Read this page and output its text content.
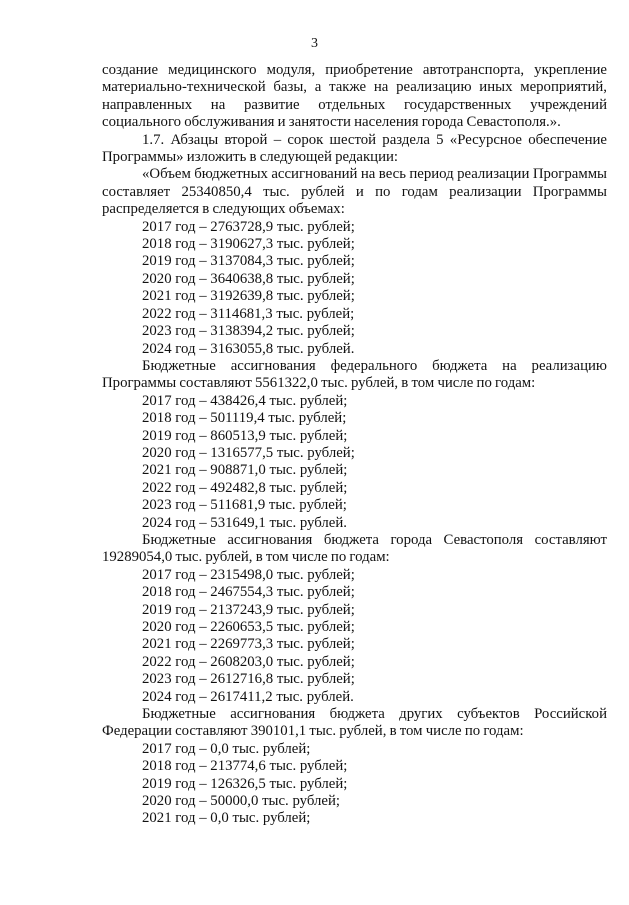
3

создание медицинского модуля, приобретение автотранспорта, укрепление материально-технической базы, а также на реализацию иных мероприятий, направленных на развитие отдельных государственных учреждений социального обслуживания и занятости населения города Севастополя.».

1.7. Абзацы второй – сорок шестой раздела 5 «Ресурсное обеспечение Программы» изложить в следующей редакции:

«Объем бюджетных ассигнований на весь период реализации Программы составляет 25340850,4 тыс. рублей и по годам реализации Программы распределяется в следующих объемах:

2017 год – 2763728,9 тыс. рублей;
2018 год – 3190627,3 тыс. рублей;
2019 год – 3137084,3 тыс. рублей;
2020 год – 3640638,8 тыс. рублей;
2021 год – 3192639,8 тыс. рублей;
2022 год – 3114681,3 тыс. рублей;
2023 год – 3138394,2 тыс. рублей;
2024 год – 3163055,8 тыс. рублей.

Бюджетные ассигнования федерального бюджета на реализацию Программы составляют 5561322,0 тыс. рублей, в том числе по годам:

2017 год – 438426,4 тыс. рублей;
2018 год – 501119,4 тыс. рублей;
2019 год – 860513,9 тыс. рублей;
2020 год – 1316577,5 тыс. рублей;
2021 год – 908871,0 тыс. рублей;
2022 год – 492482,8 тыс. рублей;
2023 год – 511681,9 тыс. рублей;
2024 год – 531649,1 тыс. рублей.

Бюджетные ассигнования бюджета города Севастополя составляют 19289054,0 тыс. рублей, в том числе по годам:

2017 год – 2315498,0 тыс. рублей;
2018 год – 2467554,3 тыс. рублей;
2019 год – 2137243,9 тыс. рублей;
2020 год – 2260653,5 тыс. рублей;
2021 год – 2269773,3 тыс. рублей;
2022 год – 2608203,0 тыс. рублей;
2023 год – 2612716,8 тыс. рублей;
2024 год – 2617411,2 тыс. рублей.

Бюджетные ассигнования бюджета других субъектов Российской Федерации составляют 390101,1 тыс. рублей, в том числе по годам:

2017 год – 0,0 тыс. рублей;
2018 год – 213774,6 тыс. рублей;
2019 год – 126326,5 тыс. рублей;
2020 год – 50000,0 тыс. рублей;
2021 год – 0,0 тыс. рублей;
